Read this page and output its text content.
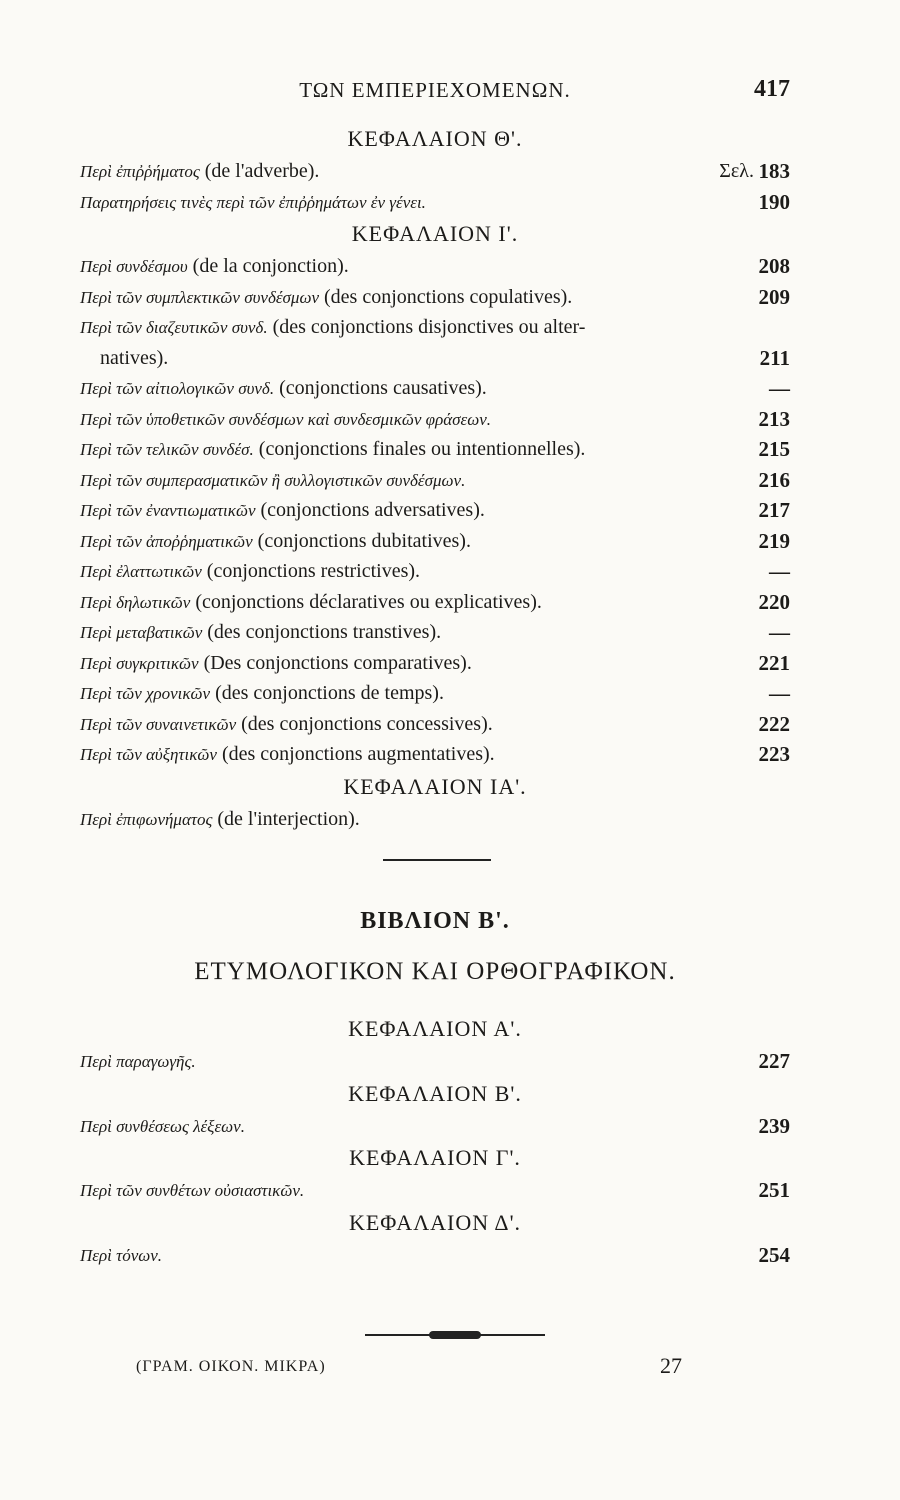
ΤΩΝ ΕΜΠΕΡΙΕΧΟΜΕΝΩΝ.	417
ΚΕΦΑΛΑΙΟΝ Θ'.
Περὶ ἐπιῤῥήματος (de l'adverbe).	Σελ. 183
Παρατηρήσεις τινὲς περὶ τῶν ἐπιῤῥημάτων ἐν γένει.	190
ΚΕΦΑΛΑΙΟΝ Ι'.
Περὶ συνδέσμου (de la conjonction).	208
Περὶ τῶν συμπλεκτικῶν συνδέσμων (des conjonctions copulatives).	209
Περὶ τῶν διαζευτικῶν συνδ. (des conjonctions disjonctives ou alter-
natives).	211
Περὶ τῶν αἰτιολογικῶν συνδ. (conjonctions causatives).	—
Περὶ τῶν ὑποθετικῶν συνδέσμων καὶ συνδεσμικῶν φράσεων.	213
Περὶ τῶν τελικῶν συνδέσ. (conjonctions finales ou intentionnelles).	215
Περὶ τῶν συμπερασματικῶν ἢ συλλογιστικῶν συνδέσμων.	216
Περὶ τῶν ἐναντιωματικῶν (conjonctions adversatives).	217
Περὶ τῶν ἀποῤῥηματικῶν (conjonctions dubitatives).	219
Περὶ ἐλαττωτικῶν (conjonctions restrictives).	—
Περὶ δηλωτικῶν (conjonctions déclaratives ou explicatives).	220
Περὶ μεταβατικῶν (des conjonctions transtives).	—
Περὶ συγκριτικῶν (Des conjonctions comparatives).	221
Περὶ τῶν χρονικῶν (des conjonctions de temps).	—
Περὶ τῶν συναινετικῶν (des conjonctions concessives).	222
Περὶ τῶν αὐξητικῶν (des conjonctions augmentatives).	223
ΚΕΦΑΛΑΙΟΝ ΙΑ'.
Περὶ ἐπιφωνήματος (de l'interjection).
ΒΙΒΛΙΟΝ Β'.
ΕΤΥΜΟΛΟΓΙΚΟΝ ΚΑΙ ΟΡΘΟΓΡΑΦΙΚΟΝ.
ΚΕΦΑΛΑΙΟΝ Α'.
Περὶ παραγωγῆς.	227
ΚΕΦΑΛΑΙΟΝ Β'.
Περὶ συνθέσεως λέξεων.	239
ΚΕΦΑΛΑΙΟΝ Γ'.
Περὶ τῶν συνθέτων οὐσιαστικῶν.	251
ΚΕΦΑΛΑΙΟΝ Δ'.
Περὶ τόνων.	254
(ΓΡΑΜ. ΟΙΚΟΝ. ΜΙΚΡΑ)	27
